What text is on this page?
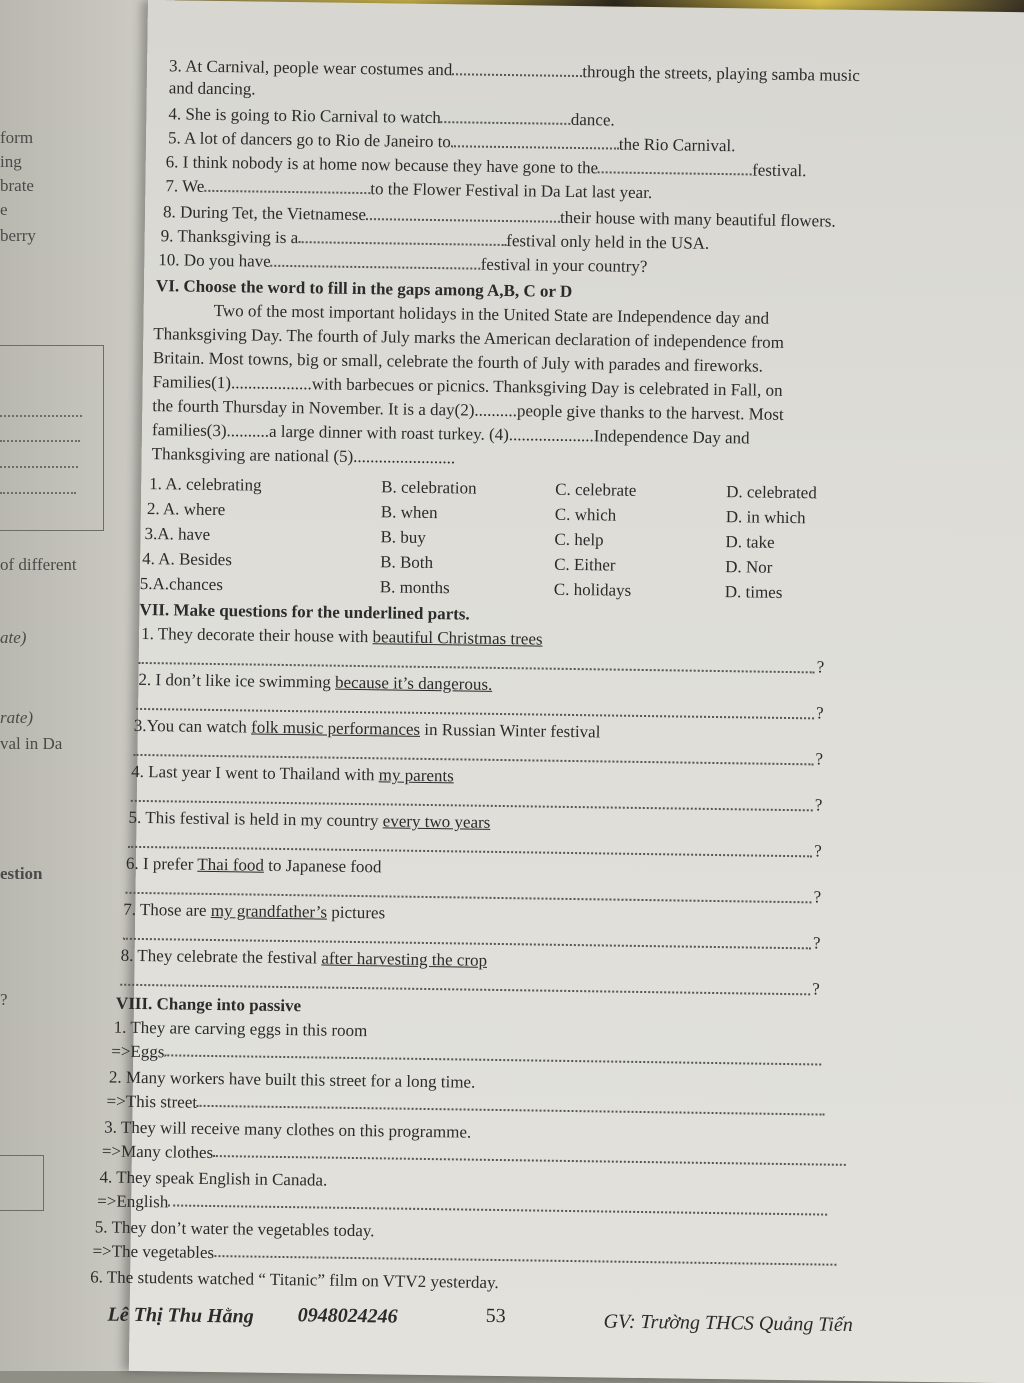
form
ing
brate
e
berry
of different
ate)
rate)
val in Da
estion
?
3. At Carnival, people wear costumes and	through the streets, playing samba music
and dancing.
4. She is going to Rio Carnival to watch	dance.
5. A lot of dancers go to Rio de Janeiro to	the Rio Carnival.
6. I think nobody is at home now because they have gone to the	festival.
7. We	to the Flower Festival in Da Lat last year.
8. During Tet, the Vietnamese	their house with many beautiful flowers.
9. Thanksgiving is a	festival only held in the USA.
10. Do you have	festival in your country?
VI. Choose the word to fill in the gaps among A,B, C or D
Two of the most important holidays in the United State are Independence day and
Thanksgiving Day. The fourth of July marks the American declaration of independence from
Britain. Most towns, big or small, celebrate the fourth of July with parades and fireworks.
Families(1)...................with barbecues or picnics. Thanksgiving Day is celebrated in Fall, on
the fourth Thursday in November. It is a day(2)..........people give thanks to the harvest. Most
families(3)..........a large dinner with roast turkey. (4)....................Independence Day and
Thanksgiving are national (5)........................
1. A. celebrating	B. celebration	C. celebrate	D. celebrated
2. A. where	B. when	C. which	D. in which
3.A. have	B. buy	C. help	D. take
4. A. Besides	B. Both	C. Either	D. Nor
5.A.chances	B. months	C. holidays	D. times
VII. Make questions for the underlined parts.
1. They decorate their house with beautiful Christmas trees
?
2. I don’t like ice swimming because it’s dangerous.
?
3.You can watch folk music performances in Russian Winter festival
?
4. Last year I went to Thailand with my parents
?
5. This festival is held in my country every two years
?
6. I prefer Thai food to Japanese food
?
7. Those are my grandfather’s pictures
?
8. They celebrate the festival after harvesting the crop
?
VIII. Change into passive
1. They are carving eggs in this room
=>Eggs
2. Many workers have built this street for a long time.
=>This street
3. They will receive many clothes on this programme.
=>Many clothes
4. They speak English in Canada.
=>English
5. They don’t water the vegetables today.
=>The vegetables
6. The students watched “ Titanic” film on VTV2 yesterday.
Lê Thị Thu Hằng 0948024246	53	GV: Trường THCS Quảng Tiến
